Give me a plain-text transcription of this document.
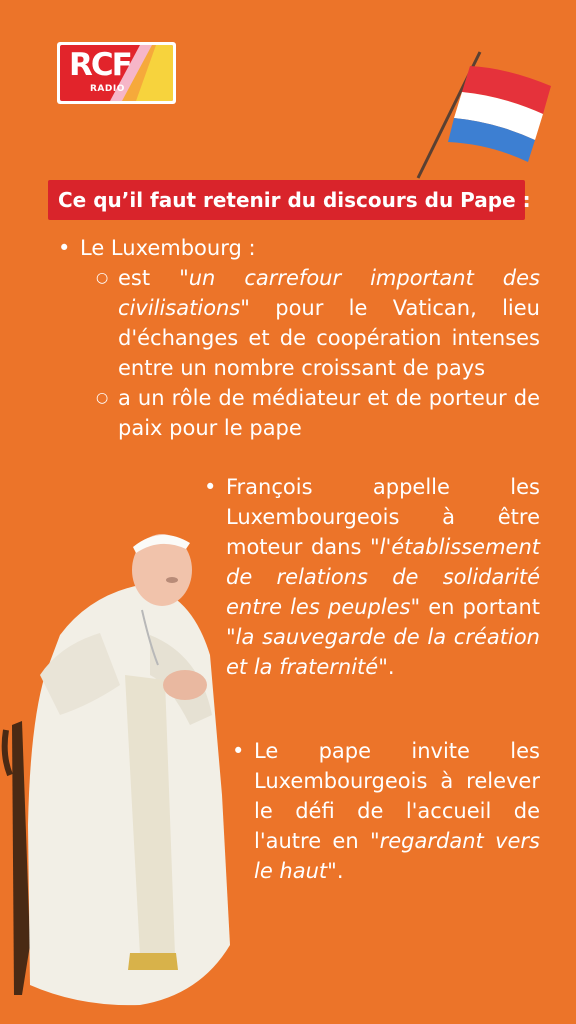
RCF
RADIO
Ce qu’il faut retenir du discours du Pape :
• Le Luxembourg :
○ est "un carrefour important des civilisations" pour le Vatican, lieu d'échanges et de coopération intenses entre un nombre croissant de pays
○ a un rôle de médiateur et de porteur de paix pour le pape
• François appelle les Luxembourgeois à être moteur dans "l'établissement de relations de solidarité entre les peuples" en portant "la sauvegarde de la création et la fraternité".
• Le pape invite les Luxembourgeois à relever le défi de l'accueil de l'autre en "regardant vers le haut".
